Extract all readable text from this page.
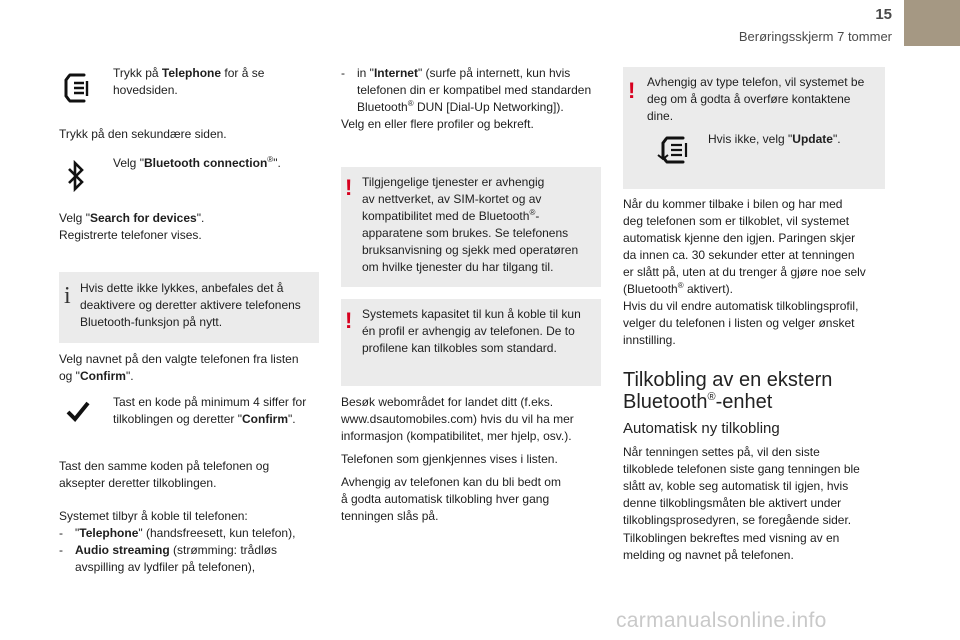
15
Berøringsskjerm 7 tommer

Trykk på Telephone for å se
hovedsiden.

Trykk på den sekundære siden.

Velg "Bluetooth connection®".

Velg "Search for devices".
Registrerte telefoner vises.

i Hvis dette ikke lykkes, anbefales det å
deaktivere og deretter aktivere telefonens
Bluetooth-funksjon på nytt.

Velg navnet på den valgte telefonen fra listen
og "Confirm".

Tast en kode på minimum 4 siffer for
tilkoblingen og deretter "Confirm".

Tast den samme koden på telefonen og
aksepter deretter tilkoblingen.

Systemet tilbyr å koble til telefonen:

- "Telephone" (handsfreesett, kun telefon),
- Audio streaming (strømming: trådløs
avspilling av lydfiler på telefonen),
- in "Internet" (surfe på internett, kun hvis
telefonen din er kompatibel med standarden
Bluetooth® DUN [Dial-Up Networking]).

Velg en eller flere profiler og bekreft.

! Tilgjengelige tjenester er avhengig
av nettverket, av SIM-kortet og av
kompatibilitet med de Bluetooth®-
apparatene som brukes. Se telefonens
bruksanvisning og sjekk med operatøren
om hvilke tjenester du har tilgang til.

! Systemets kapasitet til kun å koble til kun
én profil er avhengig av telefonen. De to
profilene kan tilkobles som standard.

Besøk webområdet for landet ditt (f.eks.
www.dsautomobiles.com) hvis du vil ha mer
informasjon (kompatibilitet, mer hjelp, osv.).

Telefonen som gjenkjennes vises i listen.

Avhengig av telefonen kan du bli bedt om
å godta automatisk tilkobling hver gang
tenningen slås på.

! Avhengig av type telefon, vil systemet be
deg om å godta å overføre kontaktene
dine.

Hvis ikke, velg "Update".

Når du kommer tilbake i bilen og har med
deg telefonen som er tilkoblet, vil systemet
automatisk kjenne den igjen. Paringen skjer
da innen ca. 30 sekunder etter at tenningen
er slått på, uten at du trenger å gjøre noe selv
(Bluetooth® aktivert).
Hvis du vil endre automatisk tilkoblingsprofil,
velger du telefonen i listen og velger ønsket
innstilling.

Tilkobling av en ekstern
Bluetooth®-enhet
Automatisk ny tilkobling

Når tenningen settes på, vil den siste
tilkoblede telefonen siste gang tenningen ble
slått av, koble seg automatisk til igjen, hvis
denne tilkoblingsmåten ble aktivert under
tilkoblingsprosedyren, se foregående sider.

Tilkoblingen bekreftes med visning av en
melding og navnet på telefonen.

carmanualsonline.info
